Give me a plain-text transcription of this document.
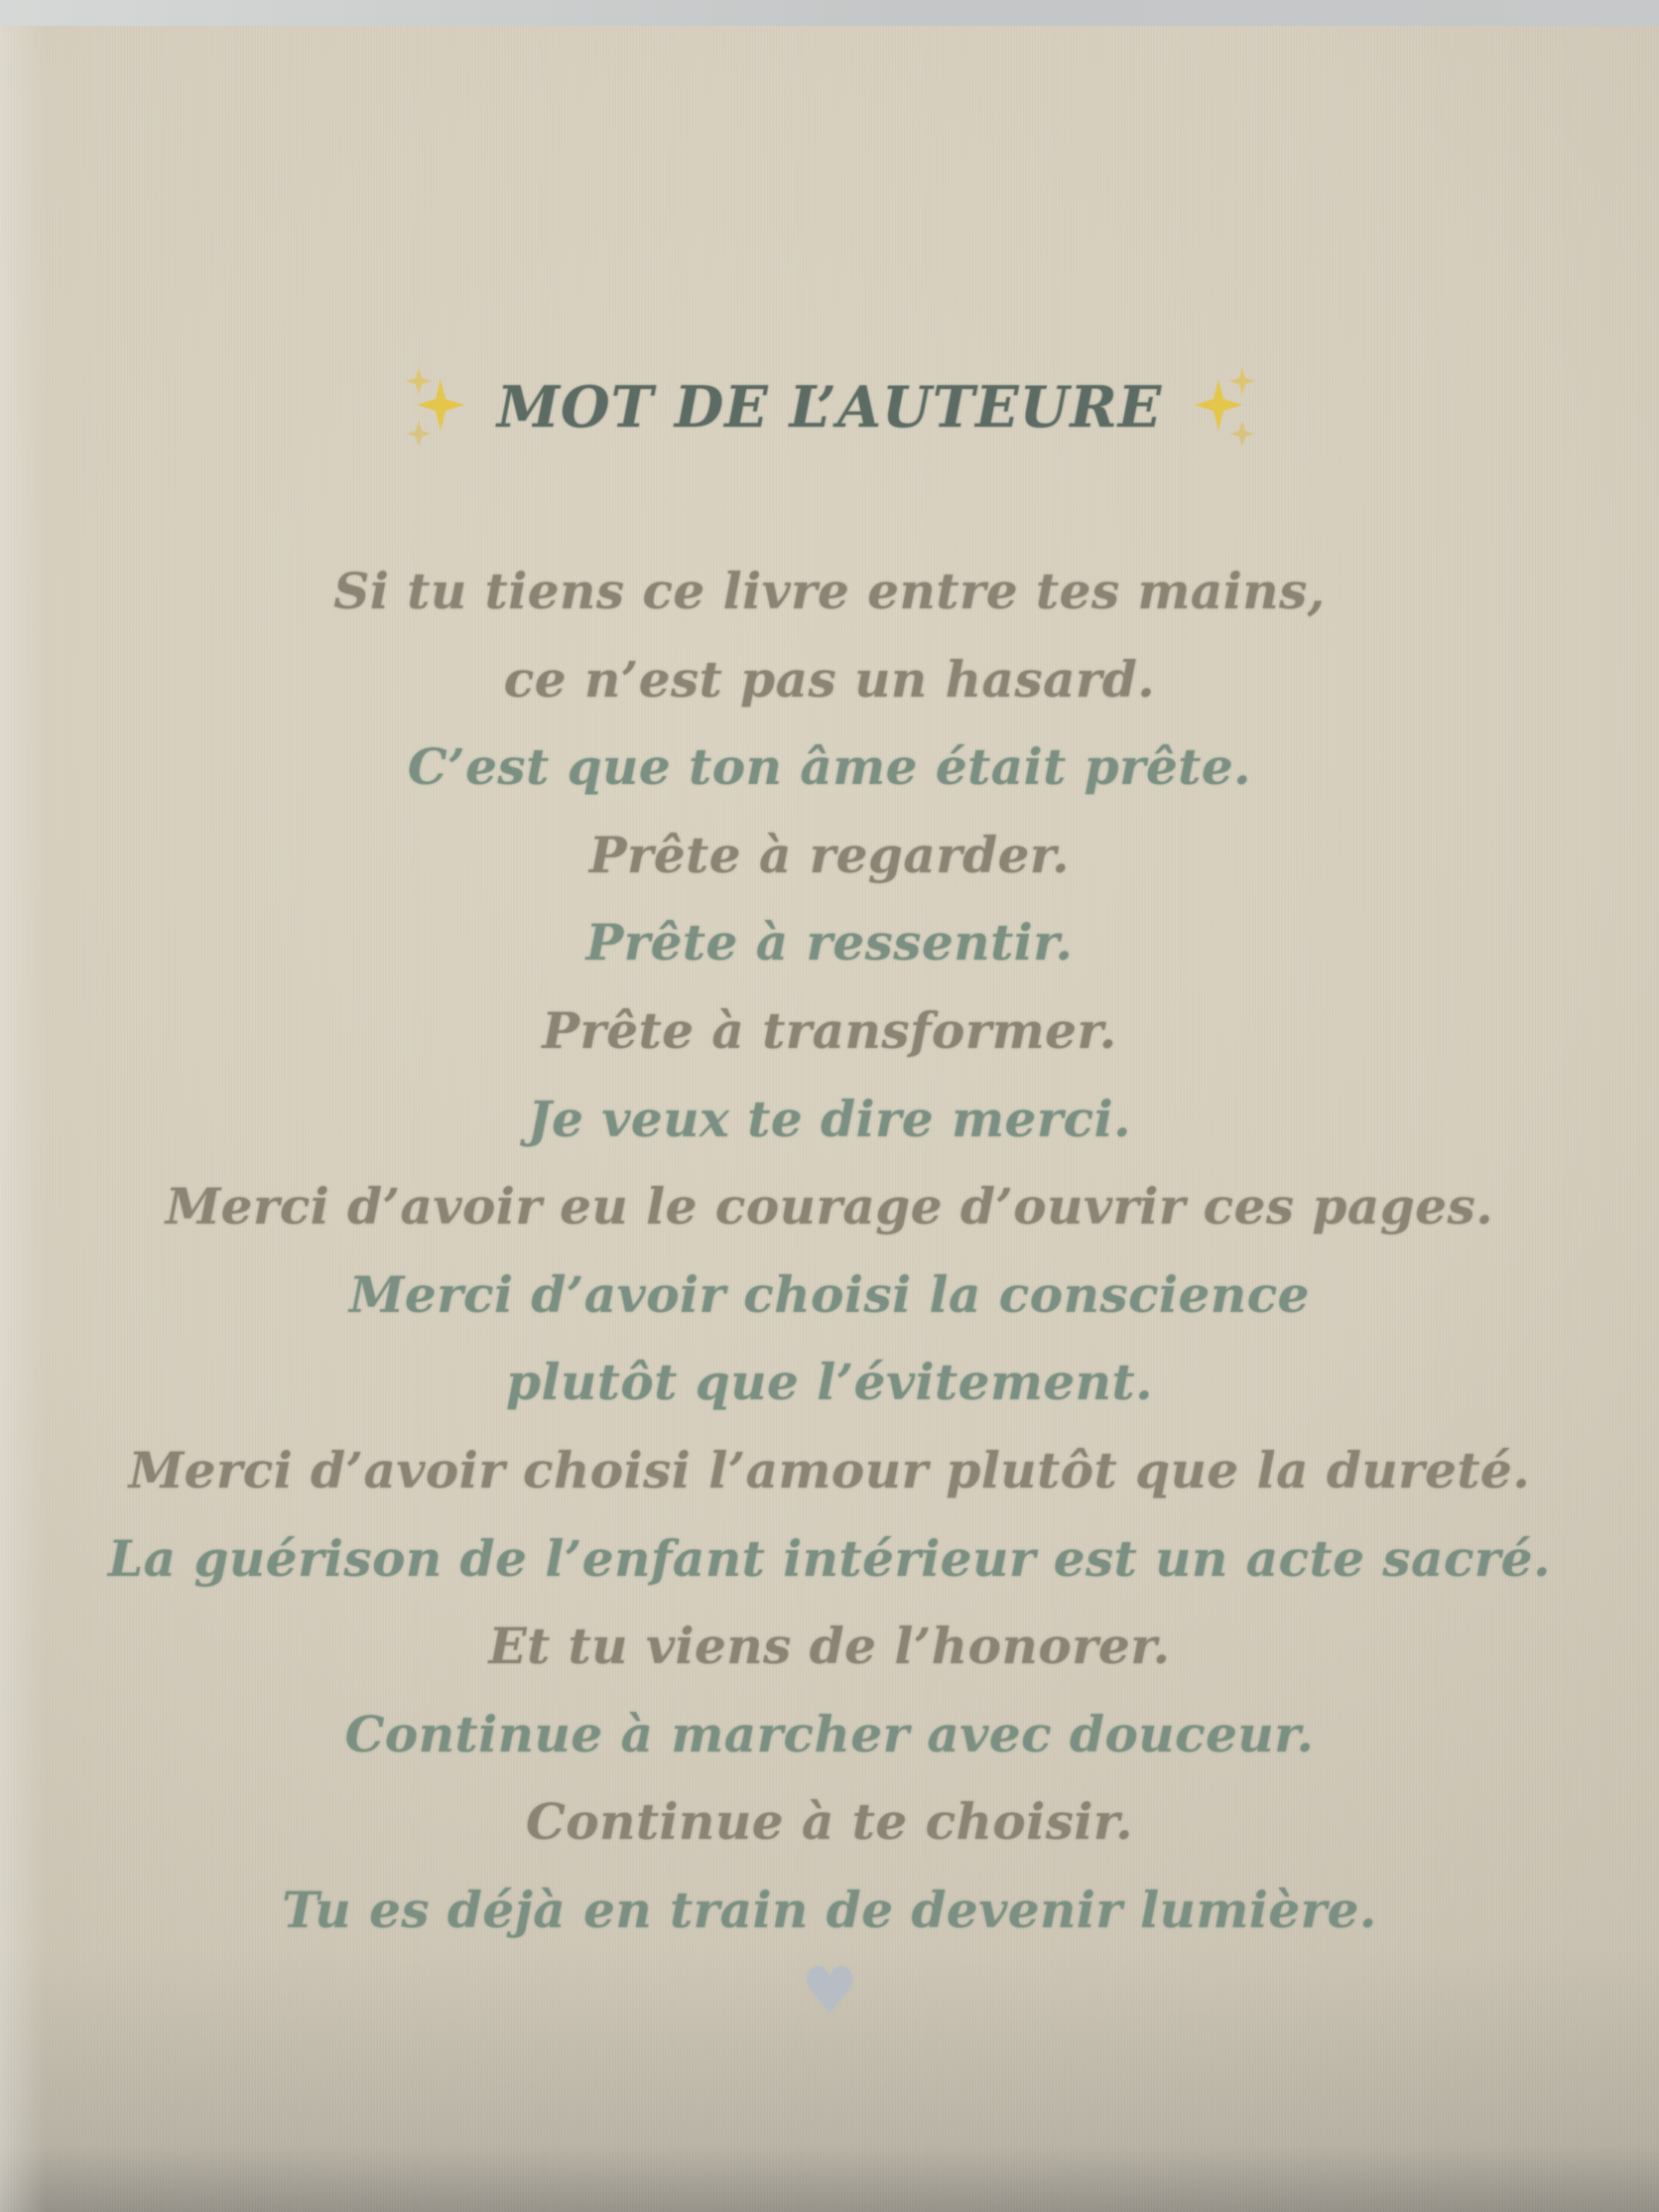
MOT DE L’AUTEURE
Si tu tiens ce livre entre tes mains,
ce n’est pas un hasard.
C’est que ton âme était prête.
Prête à regarder.
Prête à ressentir.
Prête à transformer.
Je veux te dire merci.
Merci d’avoir eu le courage d’ouvrir ces pages.
Merci d’avoir choisi la conscience
plutôt que l’évitement.
Merci d’avoir choisi l’amour plutôt que la dureté.
La guérison de l’enfant intérieur est un acte sacré.
Et tu viens de l’honorer.
Continue à marcher avec douceur.
Continue à te choisir.
Tu es déjà en train de devenir lumière.
♥
